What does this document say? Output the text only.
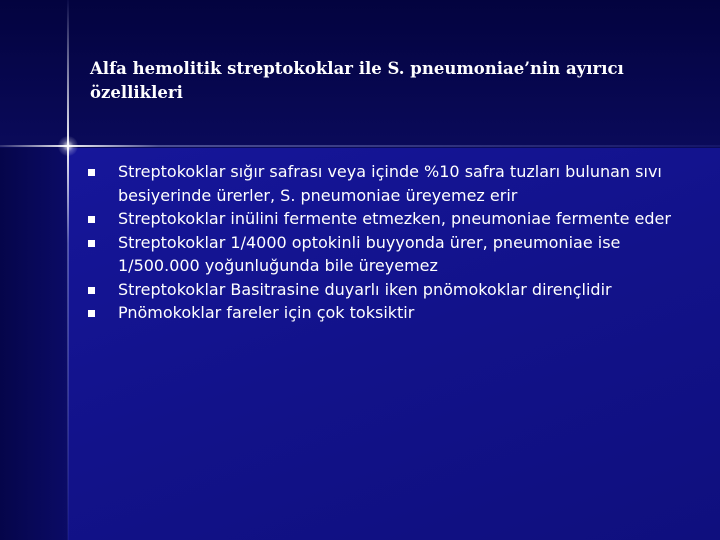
Alfa hemolitik streptokoklar ile S. pneumoniae’nin ayırıcı özellikleri
Streptokoklar sığır safrası veya içinde %10 safra tuzları bulunan sıvı besiyerinde ürerler, S. pneumoniae üreyemez erir
Streptokoklar inülini fermente etmezken, pneumoniae fermente eder
Streptokoklar 1/4000 optokinli buyyonda ürer, pneumoniae ise 1/500.000 yoğunluğunda bile üreyemez
Streptokoklar Basitrasine duyarlı iken pnömokoklar dirençlidir
Pnömokoklar fareler için çok toksiktir
